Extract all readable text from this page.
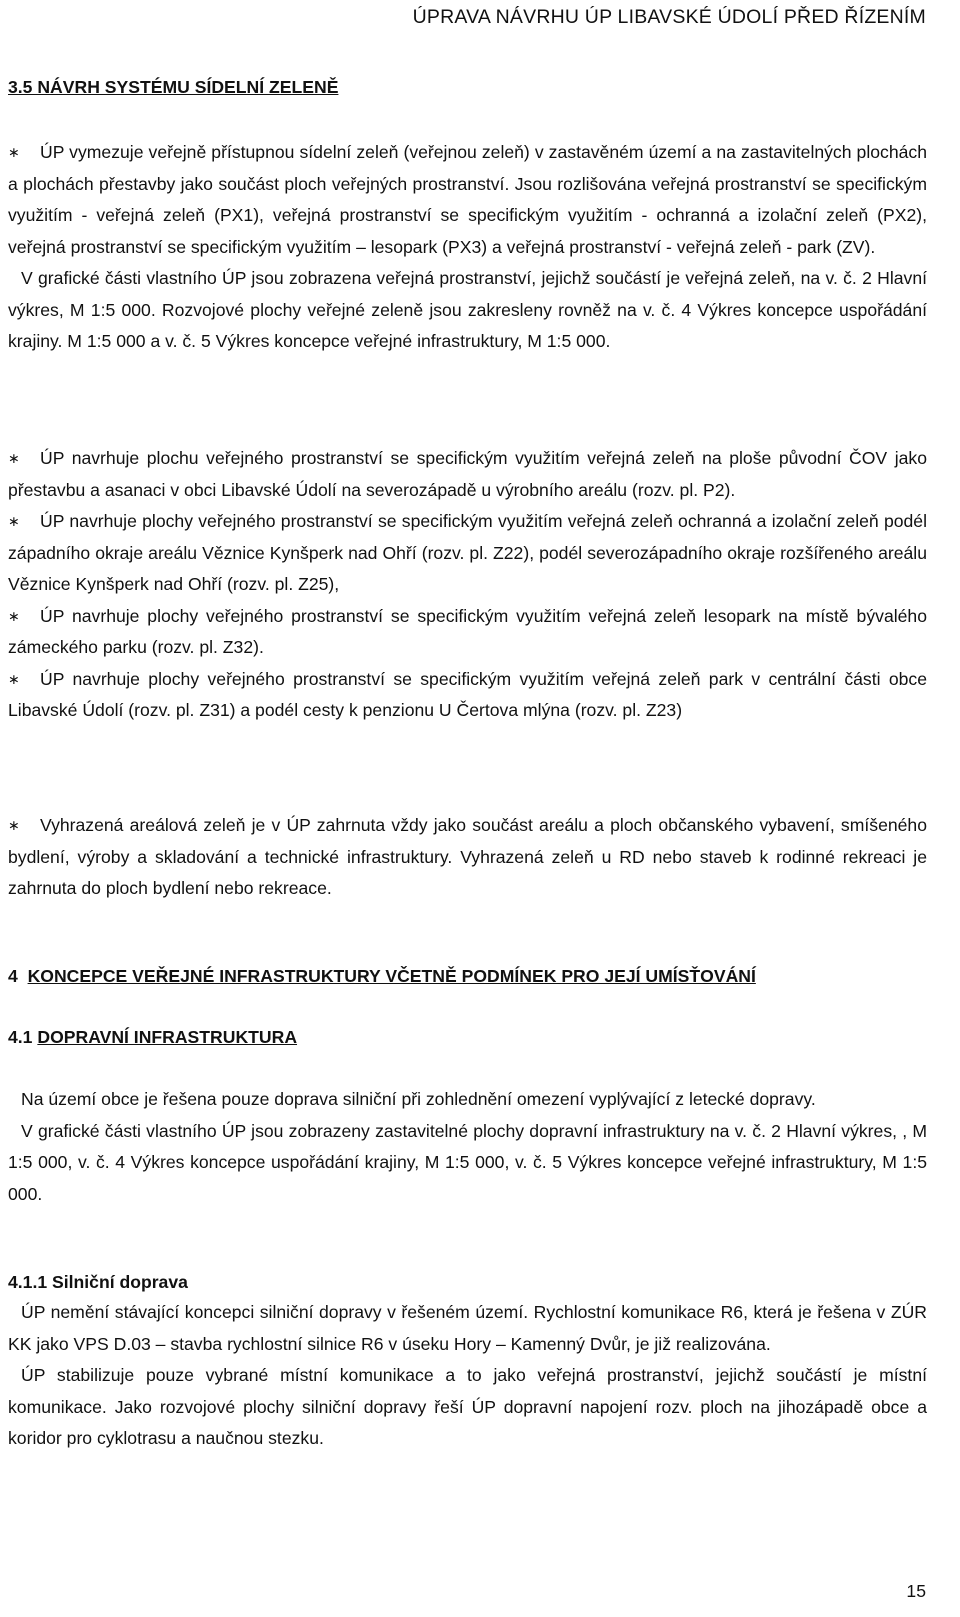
ÚPRAVA NÁVRHU ÚP LIBAVSKÉ ÚDOLÍ PŘED ŘÍZENÍM
3.5 NÁVRH SYSTÉMU SÍDELNÍ ZELENĚ

∗ ÚP vymezuje veřejně přístupnou sídelní zeleň (veřejnou zeleň) v zastavěném území a na zastavitelných plochách a plochách přestavby jako součást ploch veřejných prostranství. Jsou rozlišována veřejná prostranství se specifickým využitím - veřejná zeleň (PX1), veřejná prostranství se specifickým využitím - ochranná a izolační zeleň (PX2), veřejná prostranství se specifickým využitím – lesopark (PX3) a veřejná prostranství - veřejná zeleň - park (ZV).

V grafické části vlastního ÚP jsou zobrazena veřejná prostranství, jejichž součástí je veřejná zeleň, na v. č. 2 Hlavní výkres, M 1:5 000. Rozvojové plochy veřejné zeleně jsou zakresleny rovněž na v. č. 4 Výkres koncepce uspořádání krajiny. M 1:5 000 a v. č. 5 Výkres koncepce veřejné infrastruktury, M 1:5 000.

∗ ÚP navrhuje plochu veřejného prostranství se specifickým využitím veřejná zeleň na ploše původní ČOV jako přestavbu a asanaci v obci Libavské Údolí na severozápadě u výrobního areálu (rozv. pl. P2).

∗ ÚP navrhuje plochy veřejného prostranství se specifickým využitím veřejná zeleň ochranná a izolační zeleň podél západního okraje areálu Věznice Kynšperk nad Ohří (rozv. pl. Z22), podél severozápadního okraje rozšířeného areálu Věznice Kynšperk nad Ohří (rozv. pl. Z25),

∗ ÚP navrhuje plochy veřejného prostranství se specifickým využitím veřejná zeleň lesopark na místě bývalého zámeckého parku (rozv. pl. Z32).

∗ ÚP navrhuje plochy veřejného prostranství se specifickým využitím veřejná zeleň park v centrální části obce Libavské Údolí (rozv. pl. Z31) a podél cesty k penzionu U Čertova mlýna (rozv. pl. Z23)

∗ Vyhrazená areálová zeleň je v ÚP zahrnuta vždy jako součást areálu a ploch občanského vybavení, smíšeného bydlení, výroby a skladování a technické infrastruktury. Vyhrazená zeleň u RD nebo staveb k rodinné rekreaci je zahrnuta do ploch bydlení nebo rekreace.

4 KONCEPCE VEŘEJNÉ INFRASTRUKTURY VČETNĚ PODMÍNEK PRO JEJÍ UMÍSŤOVÁNÍ
4.1 DOPRAVNÍ INFRASTRUKTURA

Na území obce je řešena pouze doprava silniční při zohlednění omezení vyplývající z letecké dopravy.

V grafické části vlastního ÚP jsou zobrazeny zastavitelné plochy dopravní infrastruktury na v. č. 2 Hlavní výkres, , M 1:5 000, v. č. 4 Výkres koncepce uspořádání krajiny, M 1:5 000, v. č. 5 Výkres koncepce veřejné infrastruktury, M 1:5 000.

4.1.1 Silniční doprava

ÚP nemění stávající koncepci silniční dopravy v řešeném území. Rychlostní komunikace R6, která je řešena v ZÚR KK jako VPS D.03 – stavba rychlostní silnice R6 v úseku Hory – Kamenný Dvůr, je již realizována.

ÚP stabilizuje pouze vybrané místní komunikace a to jako veřejná prostranství, jejichž součástí je místní komunikace. Jako rozvojové plochy silniční dopravy řeší ÚP dopravní napojení rozv. ploch na jihozápadě obce a koridor pro cyklotrasu a naučnou stezku.

15
